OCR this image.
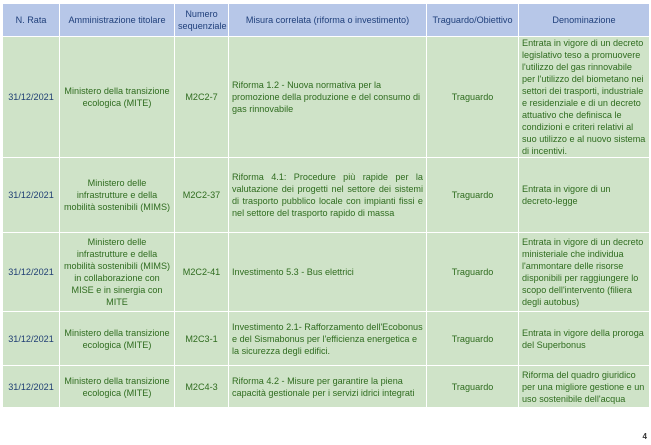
N. Rata	Amministrazione titolare	Numero sequenziale	Misura correlata (riforma o investimento)	Traguardo/Obiettivo	Denominazione
31/12/2021	Ministero della transizione ecologica (MITE)	M2C2-7	Riforma 1.2 - Nuova normativa per la promozione della produzione e del consumo di gas rinnovabile	Traguardo	Entrata in vigore di un decreto legislativo teso a promuovere l'utilizzo del gas rinnovabile per l'utilizzo del biometano nei settori dei trasporti, industriale e residenziale e di un decreto attuativo che definisca le condizioni e criteri relativi al suo utilizzo e al nuovo sistema di incentivi.
31/12/2021	Ministero delle infrastrutture e della mobilità sostenibili (MIMS)	M2C2-37	Riforma 4.1: Procedure più rapide per la valutazione dei progetti nel settore dei sistemi di trasporto pubblico locale con impianti fissi e nel settore del trasporto rapido di massa	Traguardo	Entrata in vigore di un decreto-legge
31/12/2021	Ministero delle infrastrutture e della mobilità sostenibili (MIMS) in collaborazione con MISE e in sinergia con MITE	M2C2-41	Investimento 5.3 - Bus elettrici	Traguardo	Entrata in vigore di un decreto ministeriale che individua l'ammontare delle risorse disponibili per raggiungere lo scopo dell'intervento (filiera degli autobus)
31/12/2021	Ministero della transizione ecologica (MITE)	M2C3-1	Investimento 2.1- Rafforzamento dell'Ecobonus e del Sismabonus per l'efficienza energetica e la sicurezza degli edifici.	Traguardo	Entrata in vigore della proroga del Superbonus
31/12/2021	Ministero della transizione ecologica (MITE)	M2C4-3	Riforma 4.2 - Misure per garantire la piena capacità gestionale per i servizi idrici integrati	Traguardo	Riforma del quadro giuridico per una migliore gestione e un uso sostenibile dell'acqua
4
